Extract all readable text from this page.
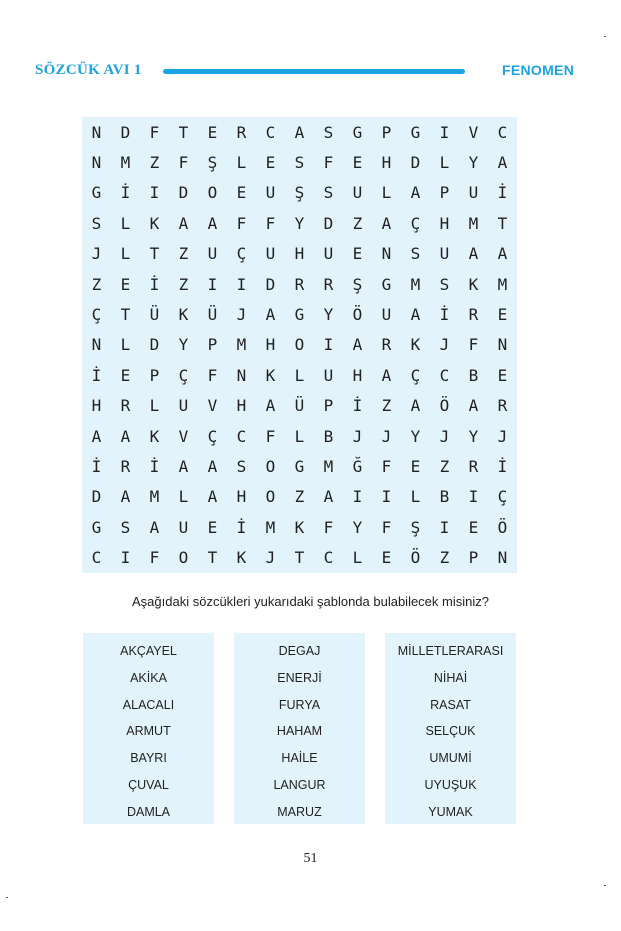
SÖZCÜK AVI 1	FENOMEN
N	D	F	T	E	R	C	A	S	G	P	G	I	V	C
N	M	Z	F	Ş	L	E	S	F	E	H	D	L	Y	A
G	İ	I	D	O	E	U	Ş	S	U	L	A	P	U	İ
S	L	K	A	A	F	F	Y	D	Z	A	Ç	H	M	T
J	L	T	Z	U	Ç	U	H	U	E	N	S	U	A	A
Z	E	İ	Z	I	I	D	R	R	Ş	G	M	S	K	M
Ç	T	Ü	K	Ü	J	A	G	Y	Ö	U	A	İ	R	E
N	L	D	Y	P	M	H	O	I	A	R	K	J	F	N
İ	E	P	Ç	F	N	K	L	U	H	A	Ç	C	B	E
H	R	L	U	V	H	A	Ü	P	İ	Z	A	Ö	A	R
A	A	K	V	Ç	C	F	L	B	J	J	Y	J	Y	J
İ	R	İ	A	A	S	O	G	M	Ğ	F	E	Z	R	İ
D	A	M	L	A	H	O	Z	A	I	I	L	B	I	Ç
G	S	A	U	E	İ	M	K	F	Y	F	Ş	I	E	Ö
C	I	F	O	T	K	J	T	C	L	E	Ö	Z	P	N
Aşağıdaki sözcükleri yukarıdaki şablonda bulabilecek misiniz?
AKÇAYEL
AKİKA
ALACALI
ARMUT
BAYRI
ÇUVAL
DAMLA
DEGAJ
ENERJİ
FURYA
HAHAM
HAİLE
LANGUR
MARUZ
MİLLETLERARASI
NİHAİ
RASAT
SELÇUK
UMUMİ
UYUŞUK
YUMAK
51
